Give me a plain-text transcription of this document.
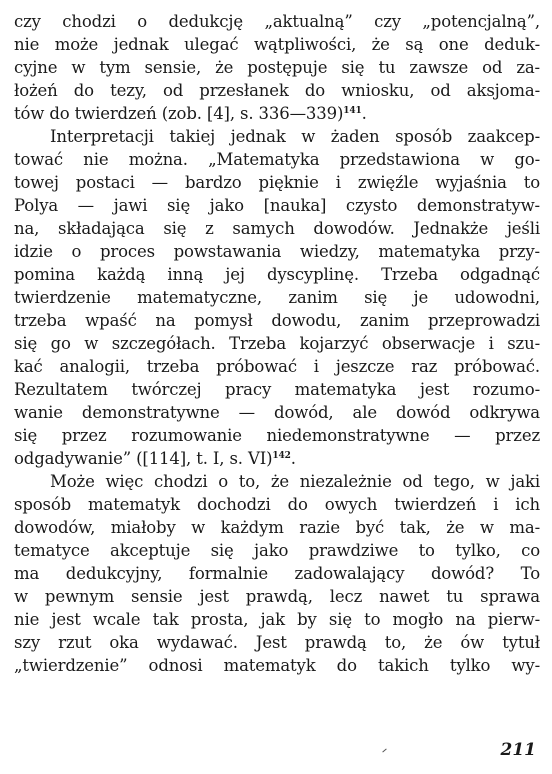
czy chodzi o dedukcję „aktualną” czy „potencjalną”,
nie może jednak ulegać wątpliwości, że są one deduk-
cyjne w tym sensie, że postępuje się tu zawsze od za-
łożeń do tezy, od przesłanek do wniosku, od aksjoma-
tów do twierdzeń (zob. [4], s. 336—339)$^{141}$.
Interpretacji takiej jednak w żaden sposób zaakcep-
tować nie można. „Matematyka przedstawiona w go-
towej postaci — bardzo pięknie i zwięźle wyjaśnia to
Polya — jawi się jako [nauka] czysto demonstratyw-
na, składająca się z samych dowodów. Jednakże jeśli
idzie o proces powstawania wiedzy, matematyka przy-
pomina każdą inną jej dyscyplinę. Trzeba odgadnąć
twierdzenie matematyczne, zanim się je udowodni,
trzeba wpaść na pomysł dowodu, zanim przeprowadzi
się go w szczegółach. Trzeba kojarzyć obserwacje i szu-
kać analogii, trzeba próbować i jeszcze raz próbować.
Rezultatem twórczej pracy matematyka jest rozumo-
wanie demonstratywne — dowód, ale dowód odkrywa
się przez rozumowanie niedemonstratywne — przez
odgadywanie” ([114], t. I, s. VI)$^{142}$.
Może więc chodzi o to, że niezależnie od tego, w jaki
sposób matematyk dochodzi do owych twierdzeń i ich
dowodów, miałoby w każdym razie być tak, że w ma-
tematyce akceptuje się jako prawdziwe to tylko, co
ma dedukcyjny, formalnie zadowalający dowód? To
w pewnym sensie jest prawdą, lecz nawet tu sprawa
nie jest wcale tak prosta, jak by się to mogło na pierw-
szy rzut oka wydawać. Jest prawdą to, że ów tytuł
„twierdzenie” odnosi matematyk do takich tylko wy-
211
